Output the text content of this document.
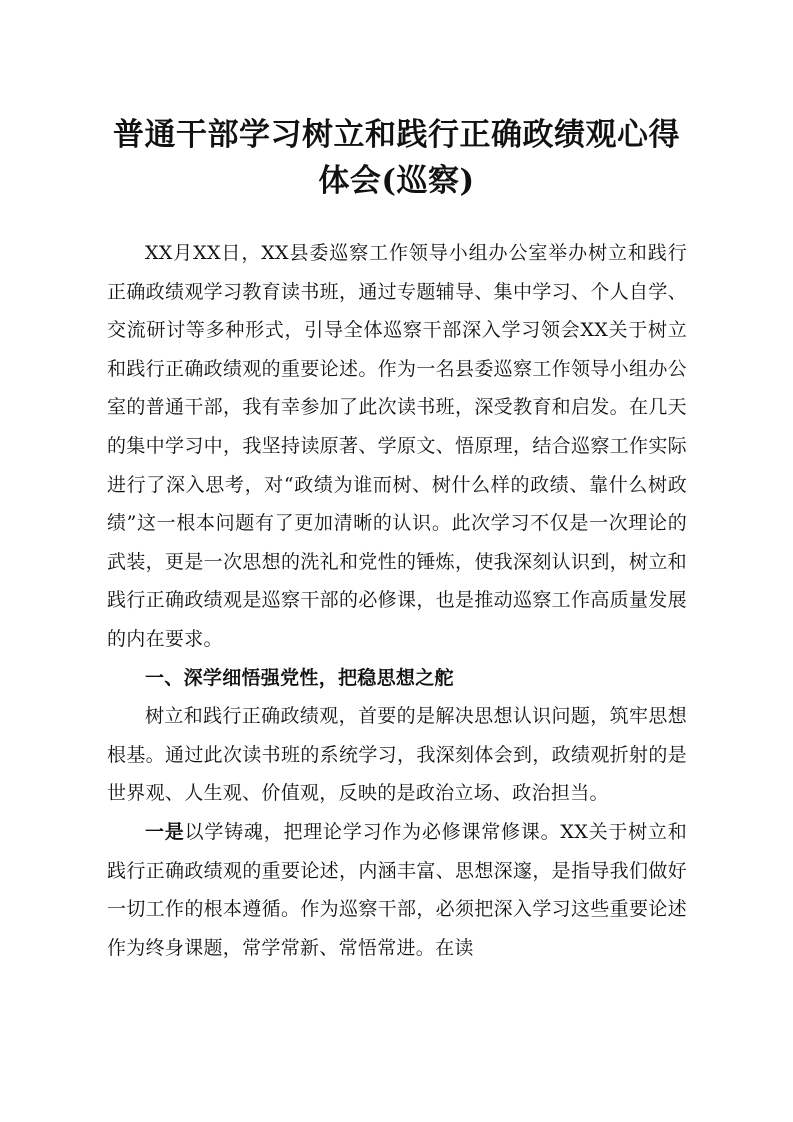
普通干部学习树立和践行正确政绩观心得
体会(巡察)

XX月XX日，XX县委巡察工作领导小组办公室举办树立和践行正确政绩观学习教育读书班，通过专题辅导、集中学习、个人自学、交流研讨等多种形式，引导全体巡察干部深入学习领会XX关于树立和践行正确政绩观的重要论述。作为一名县委巡察工作领导小组办公室的普通干部，我有幸参加了此次读书班，深受教育和启发。在几天的集中学习中，我坚持读原著、学原文、悟原理，结合巡察工作实际进行了深入思考，对“政绩为谁而树、树什么样的政绩、靠什么树政绩”这一根本问题有了更加清晰的认识。此次学习不仅是一次理论的武装，更是一次思想的洗礼和党性的锤炼，使我深刻认识到，树立和践行正确政绩观是巡察干部的必修课，也是推动巡察工作高质量发展的内在要求。

一、深学细悟强党性，把稳思想之舵

树立和践行正确政绩观，首要的是解决思想认识问题，筑牢思想根基。通过此次读书班的系统学习，我深刻体会到，政绩观折射的是世界观、人生观、价值观，反映的是政治立场、政治担当。

一是以学铸魂，把理论学习作为必修课常修课。XX关于树立和践行正确政绩观的重要论述，内涵丰富、思想深邃，是指导我们做好一切工作的根本遵循。作为巡察干部，必须把深入学习这些重要论述作为终身课题，常学常新、常悟常进。在读
